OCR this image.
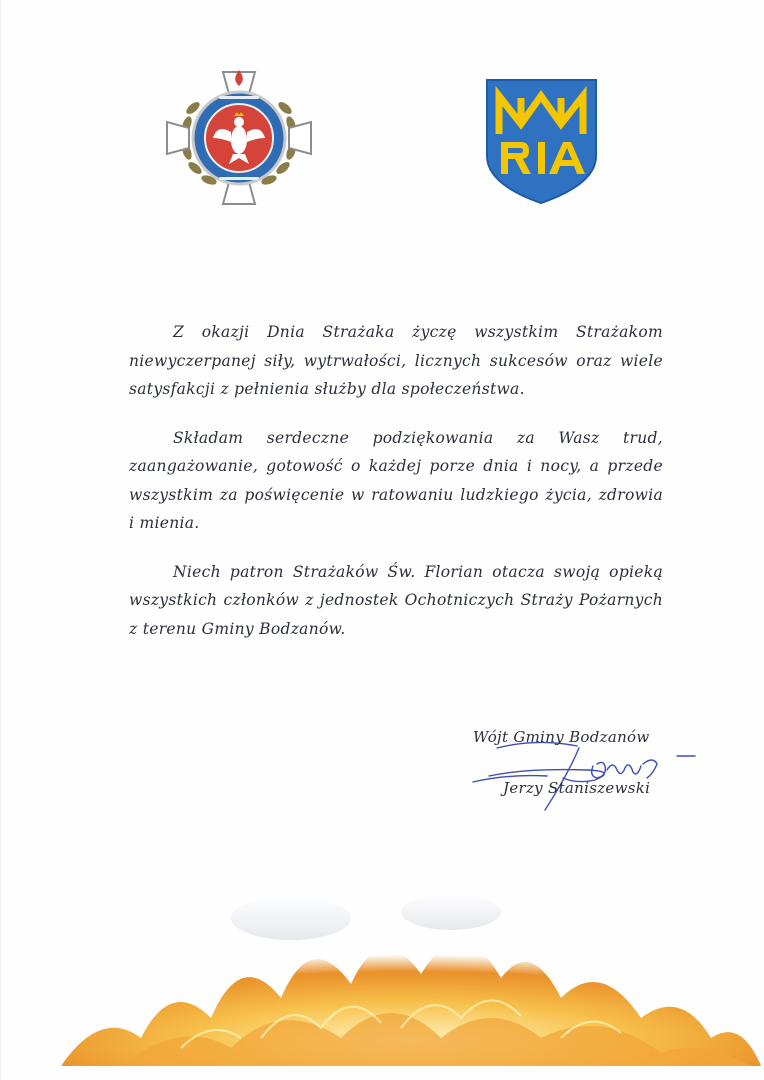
Z okazji Dnia Strażaka życzę wszystkim Strażakom niewyczerpanej siły, wytrwałości, licznych sukcesów oraz wiele satysfakcji z pełnienia służby dla społeczeństwa.

Składam serdeczne podziękowania za Wasz trud, zaangażowanie, gotowość o każdej porze dnia i nocy, a przede wszystkim za poświęcenie w ratowaniu ludzkiego życia, zdrowia i mienia.

Niech patron Strażaków Św. Florian otacza swoją opieką wszystkich członków z jednostek Ochotniczych Straży Pożarnych z terenu Gminy Bodzanów.

Wójt Gminy Bodzanów
Jerzy Staniszewski
